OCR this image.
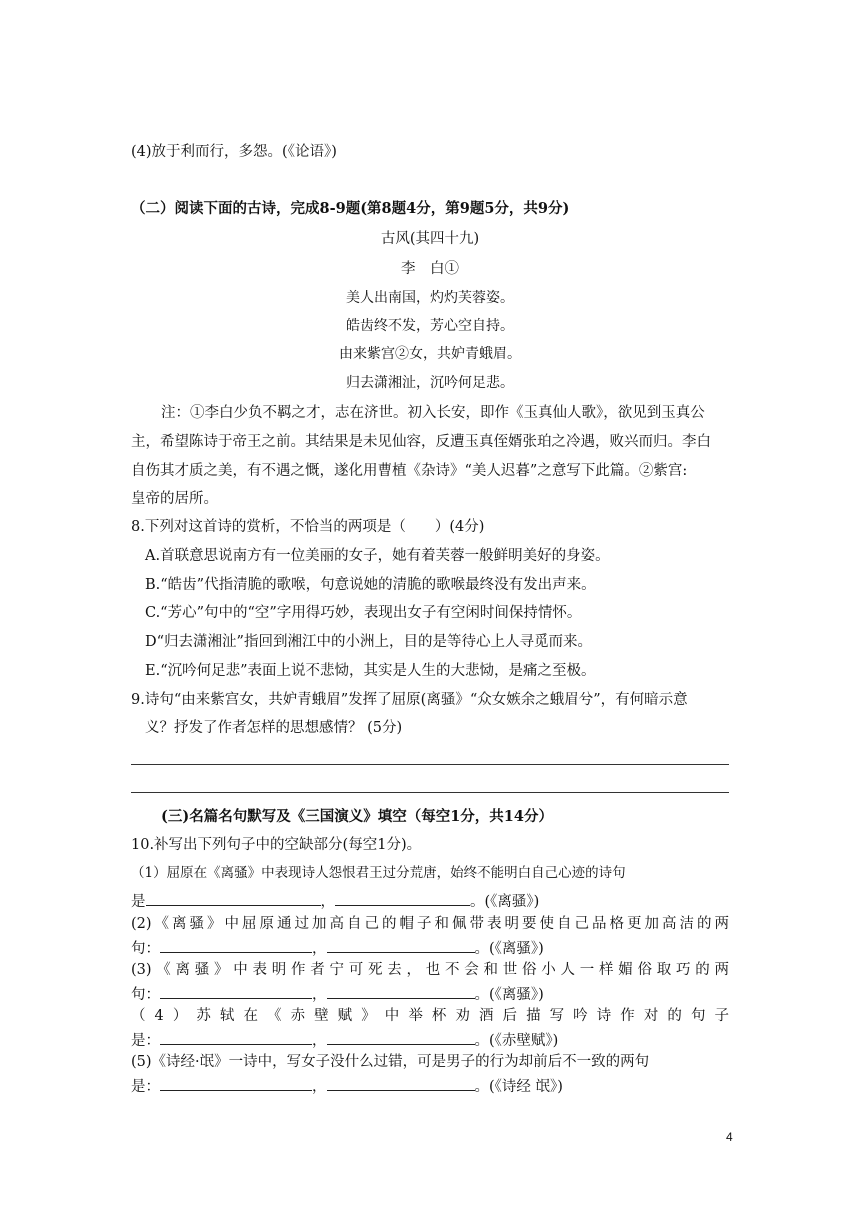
(4)放于利而行，多怨。(《论语》)
（二）阅读下面的古诗，完成8-9题(第8题4分，第9题5分，共9分)
古风(其四十九)
李　白①
美人出南国，灼灼芙蓉姿。
皓齿终不发，芳心空自持。
由来紫宫②女，共妒青蛾眉。
归去潇湘沚，沉吟何足悲。
注：①李白少负不羁之才，志在济世。初入长安，即作《玉真仙人歌》，欲见到玉真公
主，希望陈诗于帝王之前。其结果是未见仙容，反遭玉真侄婿张珀之冷遇，败兴而归。李白
自伤其才质之美，有不遇之慨，遂化用曹植《杂诗》“美人迟暮”之意写下此篇。②紫宫:
皇帝的居所。
8.下列对这首诗的赏析，不恰当的两项是（　　）(4分)
A.首联意思说南方有一位美丽的女子，她有着芙蓉一般鲜明美好的身姿。
B.“皓齿”代指清脆的歌喉，句意说她的清脆的歌喉最终没有发出声来。
C.“芳心”句中的“空”字用得巧妙，表现出女子有空闲时间保持情怀。
D“归去潇湘沚”指回到湘江中的小洲上，目的是等待心上人寻觅而来。
E.“沉吟何足悲”表面上说不悲恸，其实是人生的大悲恸，是痛之至极。
9.诗句“由来紫宫女，共妒青蛾眉”发挥了屈原(离骚》“众女嫉余之蛾眉兮”，有何暗示意
义？抒发了作者怎样的思想感情？ (5分)
(三)名篇名句默写及《三国演义》填空（每空1分，共14分）
10.补写出下列句子中的空缺部分(每空1分)。
（1）屈原在《离骚》中表现诗人怨恨君王过分荒唐，始终不能明白自己心迹的诗句
是	，	。(《离骚》)
(2)《离骚》中屈原通过加高自己的帽子和佩带表明要使自己品格更加高洁的两
句：	，	。(《离骚》)
(3)《离骚》中表明作者宁可死去，也不会和世俗小人一样媚俗取巧的两
句：	，	。(《离骚》)
（4）苏轼在《赤壁赋》中举杯劝酒后描写吟诗作对的句子
是：	，	。(《赤壁赋》)
(5)《诗经·氓》一诗中，写女子没什么过错，可是男子的行为却前后不一致的两句
是：	，	。(《诗经 氓》)
4
